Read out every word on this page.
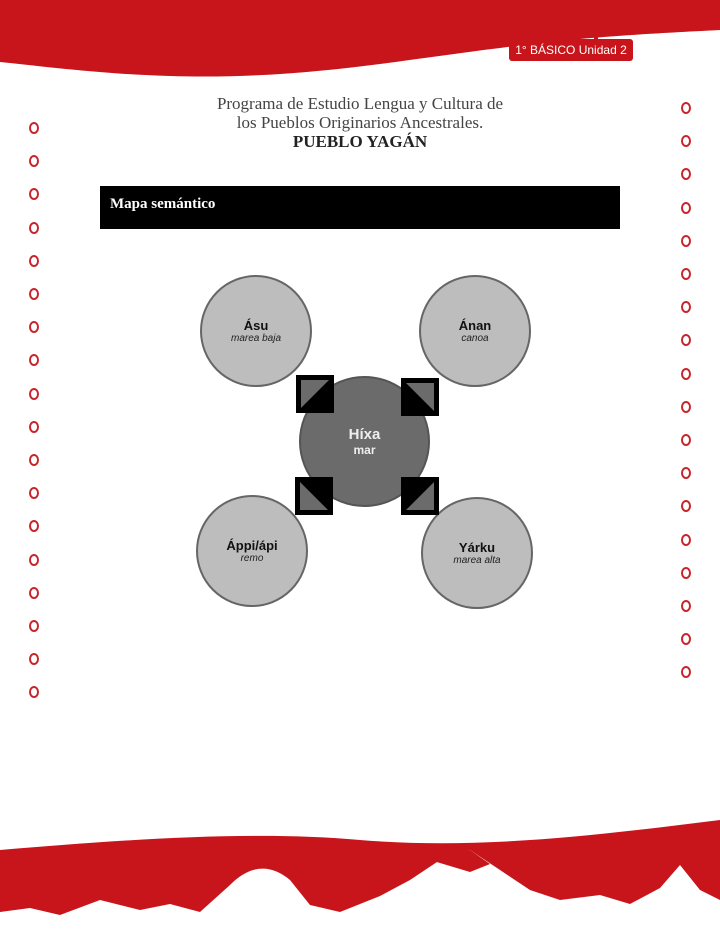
1° BÁSICO Unidad 2
Programa de Estudio Lengua y Cultura de
los Pueblos Originarios Ancestrales.
PUEBLO YAGÁN
Mapa semántico
Ásu
marea baja
Ánan
canoa
Áppi/ápi
remo
Yárku
marea alta
Híxa
mar
